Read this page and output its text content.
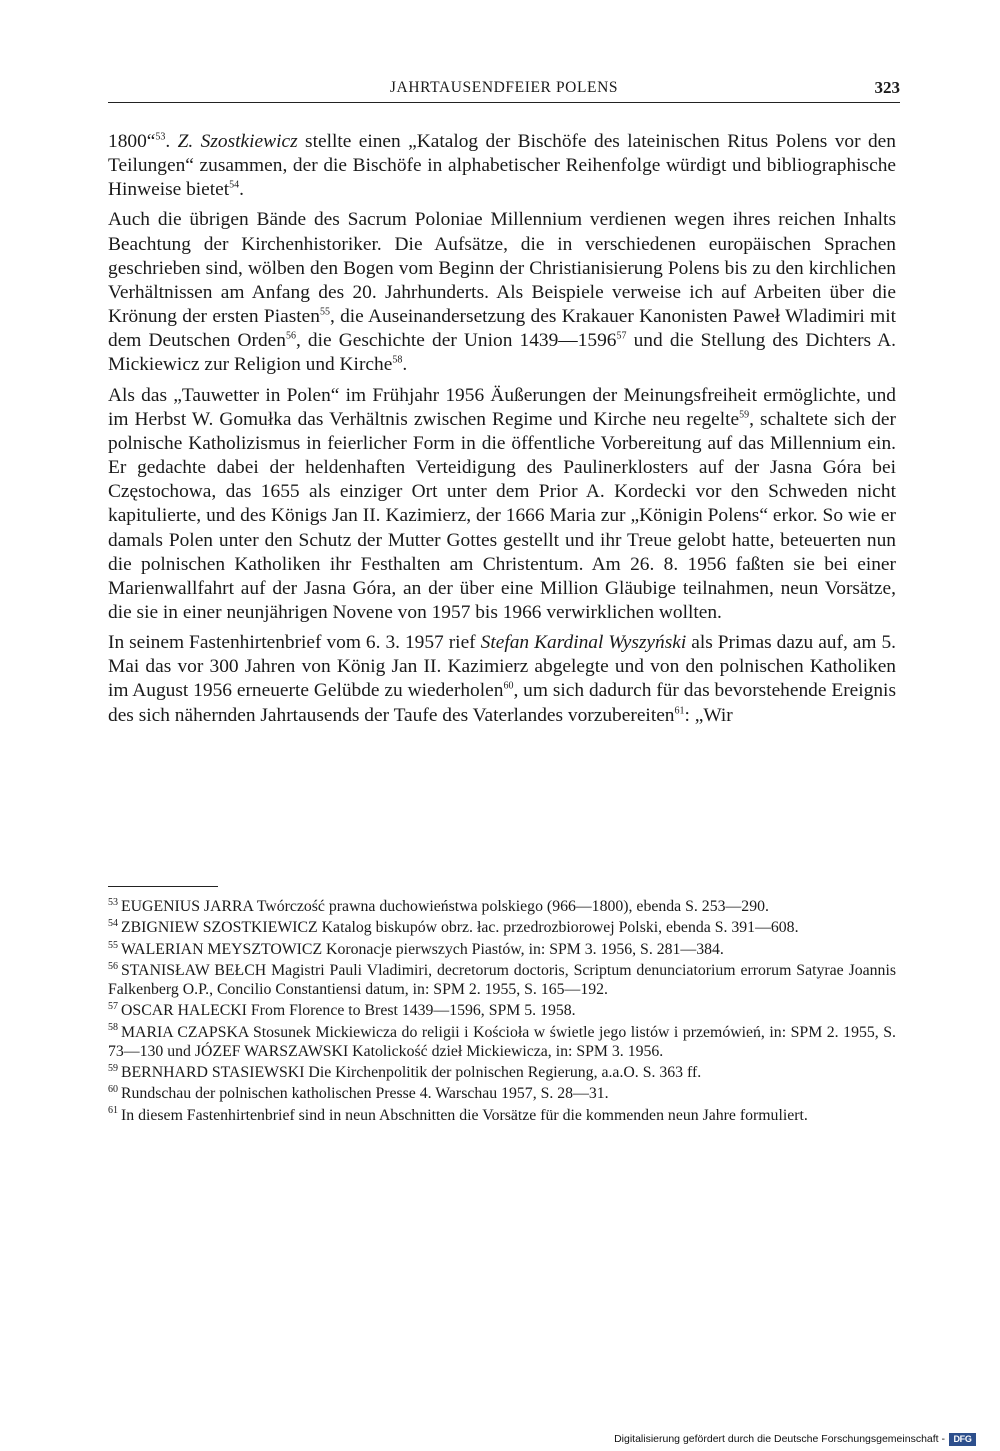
JAHRTAUSENDFEIER POLENS	323

1800“$^{53}$. Z. Szostkiewicz stellte einen „Katalog der Bischöfe des lateinischen Ritus Polens vor den Teilungen“ zusammen, der die Bischöfe in alphabetischer Reihenfolge würdigt und bibliographische Hinweise bietet$^{54}$.

Auch die übrigen Bände des Sacrum Poloniae Millennium verdienen wegen ihres reichen Inhalts Beachtung der Kirchenhistoriker. Die Aufsätze, die in verschiedenen europäischen Sprachen geschrieben sind, wölben den Bogen vom Beginn der Christianisierung Polens bis zu den kirchlichen Verhältnissen am Anfang des 20. Jahrhunderts. Als Beispiele verweise ich auf Arbeiten über die Krönung der ersten Piasten$^{55}$, die Auseinandersetzung des Krakauer Kanonisten Paweł Wladimiri mit dem Deutschen Orden$^{56}$, die Geschichte der Union 1439—1596$^{57}$ und die Stellung des Dichters A. Mickiewicz zur Religion und Kirche$^{58}$.

Als das „Tauwetter in Polen“ im Frühjahr 1956 Äußerungen der Meinungsfreiheit ermöglichte, und im Herbst W. Gomułka das Verhältnis zwischen Regime und Kirche neu regelte$^{59}$, schaltete sich der polnische Katholizismus in feierlicher Form in die öffentliche Vorbereitung auf das Millennium ein. Er gedachte dabei der heldenhaften Verteidigung des Paulinerklosters auf der Jasna Góra bei Częstochowa, das 1655 als einziger Ort unter dem Prior A. Kordecki vor den Schweden nicht kapitulierte, und des Königs Jan II. Kazimierz, der 1666 Maria zur „Königin Polens“ erkor. So wie er damals Polen unter den Schutz der Mutter Gottes gestellt und ihr Treue gelobt hatte, beteuerten nun die polnischen Katholiken ihr Festhalten am Christentum. Am 26. 8. 1956 faßten sie bei einer Marienwallfahrt auf der Jasna Góra, an der über eine Million Gläubige teilnahmen, neun Vorsätze, die sie in einer neunjährigen Novene von 1957 bis 1966 verwirklichen wollten.

In seinem Fastenhirtenbrief vom 6. 3. 1957 rief Stefan Kardinal Wyszyński als Primas dazu auf, am 5. Mai das vor 300 Jahren von König Jan II. Kazimierz abgelegte und von den polnischen Katholiken im August 1956 erneuerte Gelübde zu wiederholen$^{60}$, um sich dadurch für das bevorstehende Ereignis des sich nähernden Jahrtausends der Taufe des Vaterlandes vorzubereiten$^{61}$: „Wir

$^{53}$ EUGENIUS JARRA Twórczość prawna duchowieństwa polskiego (966—1800), ebenda S. 253—290.
$^{54}$ ZBIGNIEW SZOSTKIEWICZ Katalog biskupów obrz. łac. przedrozbiorowej Polski, ebenda S. 391—608.
$^{55}$ WALERIAN MEYSZTOWICZ Koronacje pierwszych Piastów, in: SPM 3. 1956, S. 281—384.
$^{56}$ STANISŁAW BEŁCH Magistri Pauli Vladimiri, decretorum doctoris, Scriptum denunciatorium errorum Satyrae Joannis Falkenberg O.P., Concilio Constantiensi datum, in: SPM 2. 1955, S. 165—192.
$^{57}$ OSCAR HALECKI From Florence to Brest 1439—1596, SPM 5. 1958.
$^{58}$ MARIA CZAPSKA Stosunek Mickiewicza do religii i Kościoła w świetle jego listów i przemówień, in: SPM 2. 1955, S. 73—130 und JÓZEF WARSZAWSKI Katolickość dzieł Mickiewicza, in: SPM 3. 1956.
$^{59}$ BERNHARD STASIEWSKI Die Kirchenpolitik der polnischen Regierung, a.a.O. S. 363 ff.
$^{60}$ Rundschau der polnischen katholischen Presse 4. Warschau 1957, S. 28—31.
$^{61}$ In diesem Fastenhirtenbrief sind in neun Abschnitten die Vorsätze für die kommenden neun Jahre formuliert.
Digitalisierung gefördert durch die Deutsche Forschungsgemeinschaft - DFG
